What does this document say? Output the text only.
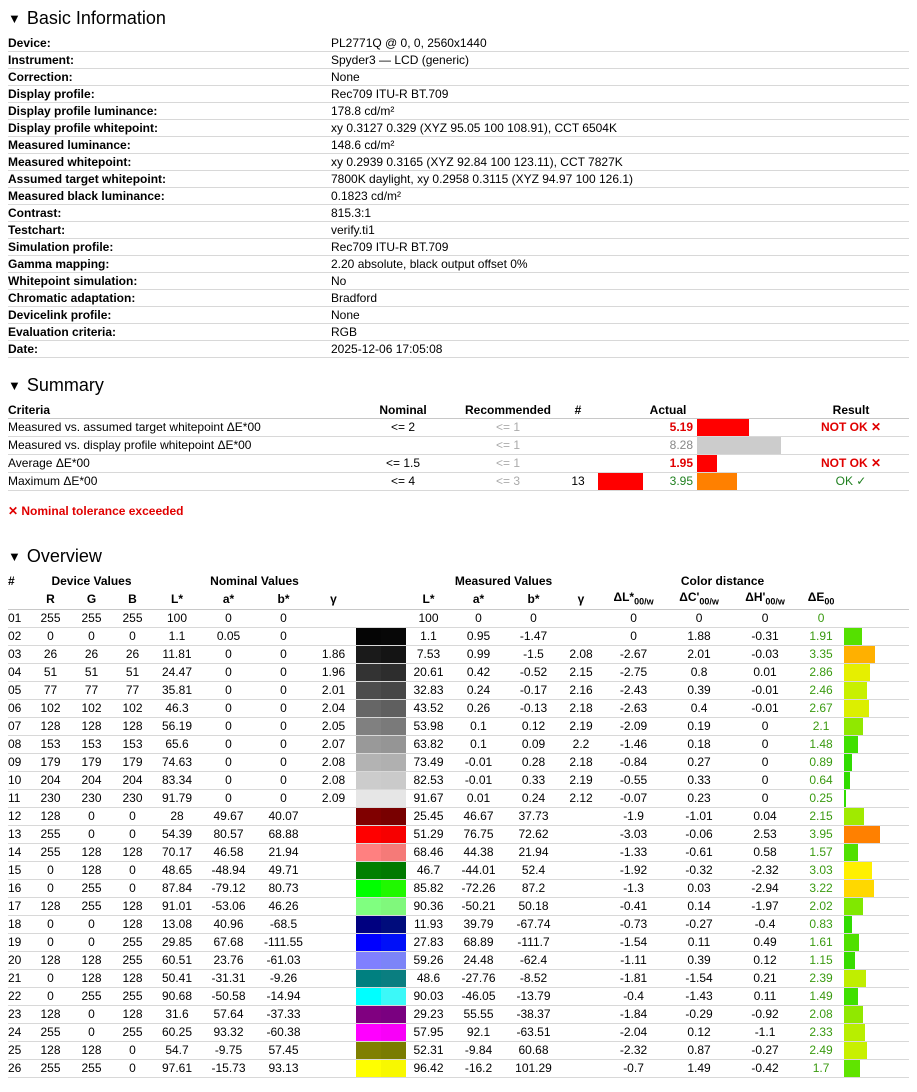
▼ Basic Information
Device:	PL2771Q @ 0, 0, 2560x1440
Instrument:	Spyder3 — LCD (generic)
Correction:	None
Display profile:	Rec709 ITU-R BT.709
Display profile luminance:	178.8 cd/m²
Display profile whitepoint:	xy 0.3127 0.329 (XYZ 95.05 100 108.91), CCT 6504K
Measured luminance:	148.6 cd/m²
Measured whitepoint:	xy 0.2939 0.3165 (XYZ 92.84 100 123.11), CCT 7827K
Assumed target whitepoint:	7800K daylight, xy 0.2958 0.3115 (XYZ 94.97 100 126.1)
Measured black luminance:	0.1823 cd/m²
Contrast:	815.3:1
Testchart:	verify.ti1
Simulation profile:	Rec709 ITU-R BT.709
Gamma mapping:	2.20 absolute, black output offset 0%
Whitepoint simulation:	No
Chromatic adaptation:	Bradford
Devicelink profile:	None
Evaluation criteria:	RGB
Date:	2025-12-06 17:05:08
▼ Summary
Criteria	Nominal	Recommended	#		Actual		Result
Measured vs. assumed target whitepoint ΔE*00	<= 2	<= 1			5.19		NOT OK ✕
Measured vs. display profile whitepoint ΔE*00		<= 1			8.28	

Average ΔE*00	<= 1.5	<= 1			1.95		NOT OK ✕
Maximum ΔE*00	<= 4	<= 3	13		3.95		OK ✓
✕ Nominal tolerance exceeded
▼ Overview
#	Device Values			Nominal Values					Measured Values				Color distance				
	R	G	B	L*	a*	b*	γ		L*	a*	b*	γ	$\Delta L*_{00/w}$	$\Delta C'_{00/w}$	$\Delta H'_{00/w}$	$\Delta E_{00}$	
01	255	255	255	100	0	0			100	0	0		0	0	0	0	
02	0	0	0	1.1	0.05	0			1.1	0.95	-1.47		0	1.88	-0.31	1.91	
03	26	26	26	11.81	0	0	1.86		7.53	0.99	-1.5	2.08	-2.67	2.01	-0.03	3.35	
04	51	51	51	24.47	0	0	1.96		20.61	0.42	-0.52	2.15	-2.75	0.8	0.01	2.86	
05	77	77	77	35.81	0	0	2.01		32.83	0.24	-0.17	2.16	-2.43	0.39	-0.01	2.46	
06	102	102	102	46.3	0	0	2.04		43.52	0.26	-0.13	2.18	-2.63	0.4	-0.01	2.67	
07	128	128	128	56.19	0	0	2.05		53.98	0.1	0.12	2.19	-2.09	0.19	0	2.1	
08	153	153	153	65.6	0	0	2.07		63.82	0.1	0.09	2.2	-1.46	0.18	0	1.48	
09	179	179	179	74.63	0	0	2.08		73.49	-0.01	0.28	2.18	-0.84	0.27	0	0.89	
10	204	204	204	83.34	0	0	2.08		82.53	-0.01	0.33	2.19	-0.55	0.33	0	0.64	
11	230	230	230	91.79	0	0	2.09		91.67	0.01	0.24	2.12	-0.07	0.23	0	0.25	
12	128	0	0	28	49.67	40.07			25.45	46.67	37.73		-1.9	-1.01	0.04	2.15	
13	255	0	0	54.39	80.57	68.88			51.29	76.75	72.62		-3.03	-0.06	2.53	3.95	
14	255	128	128	70.17	46.58	21.94			68.46	44.38	21.94		-1.33	-0.61	0.58	1.57	
15	0	128	0	48.65	-48.94	49.71			46.7	-44.01	52.4		-1.92	-0.32	-2.32	3.03	
16	0	255	0	87.84	-79.12	80.73			85.82	-72.26	87.2		-1.3	0.03	-2.94	3.22	
17	128	255	128	91.01	-53.06	46.26			90.36	-50.21	50.18		-0.41	0.14	-1.97	2.02	
18	0	0	128	13.08	40.96	-68.5			11.93	39.79	-67.74		-0.73	-0.27	-0.4	0.83	
19	0	0	255	29.85	67.68	-111.55			27.83	68.89	-111.7		-1.54	0.11	0.49	1.61	
20	128	128	255	60.51	23.76	-61.03			59.26	24.48	-62.4		-1.11	0.39	0.12	1.15	
21	0	128	128	50.41	-31.31	-9.26			48.6	-27.76	-8.52		-1.81	-1.54	0.21	2.39	
22	0	255	255	90.68	-50.58	-14.94			90.03	-46.05	-13.79		-0.4	-1.43	0.11	1.49	
23	128	0	128	31.6	57.64	-37.33			29.23	55.55	-38.37		-1.84	-0.29	-0.92	2.08	
24	255	0	255	60.25	93.32	-60.38			57.95	92.1	-63.51		-2.04	0.12	-1.1	2.33	
25	128	128	0	54.7	-9.75	57.45			52.31	-9.84	60.68		-2.32	0.87	-0.27	2.49	
26	255	255	0	97.61	-15.73	93.13			96.42	-16.2	101.29		-0.7	1.49	-0.42	1.7	
